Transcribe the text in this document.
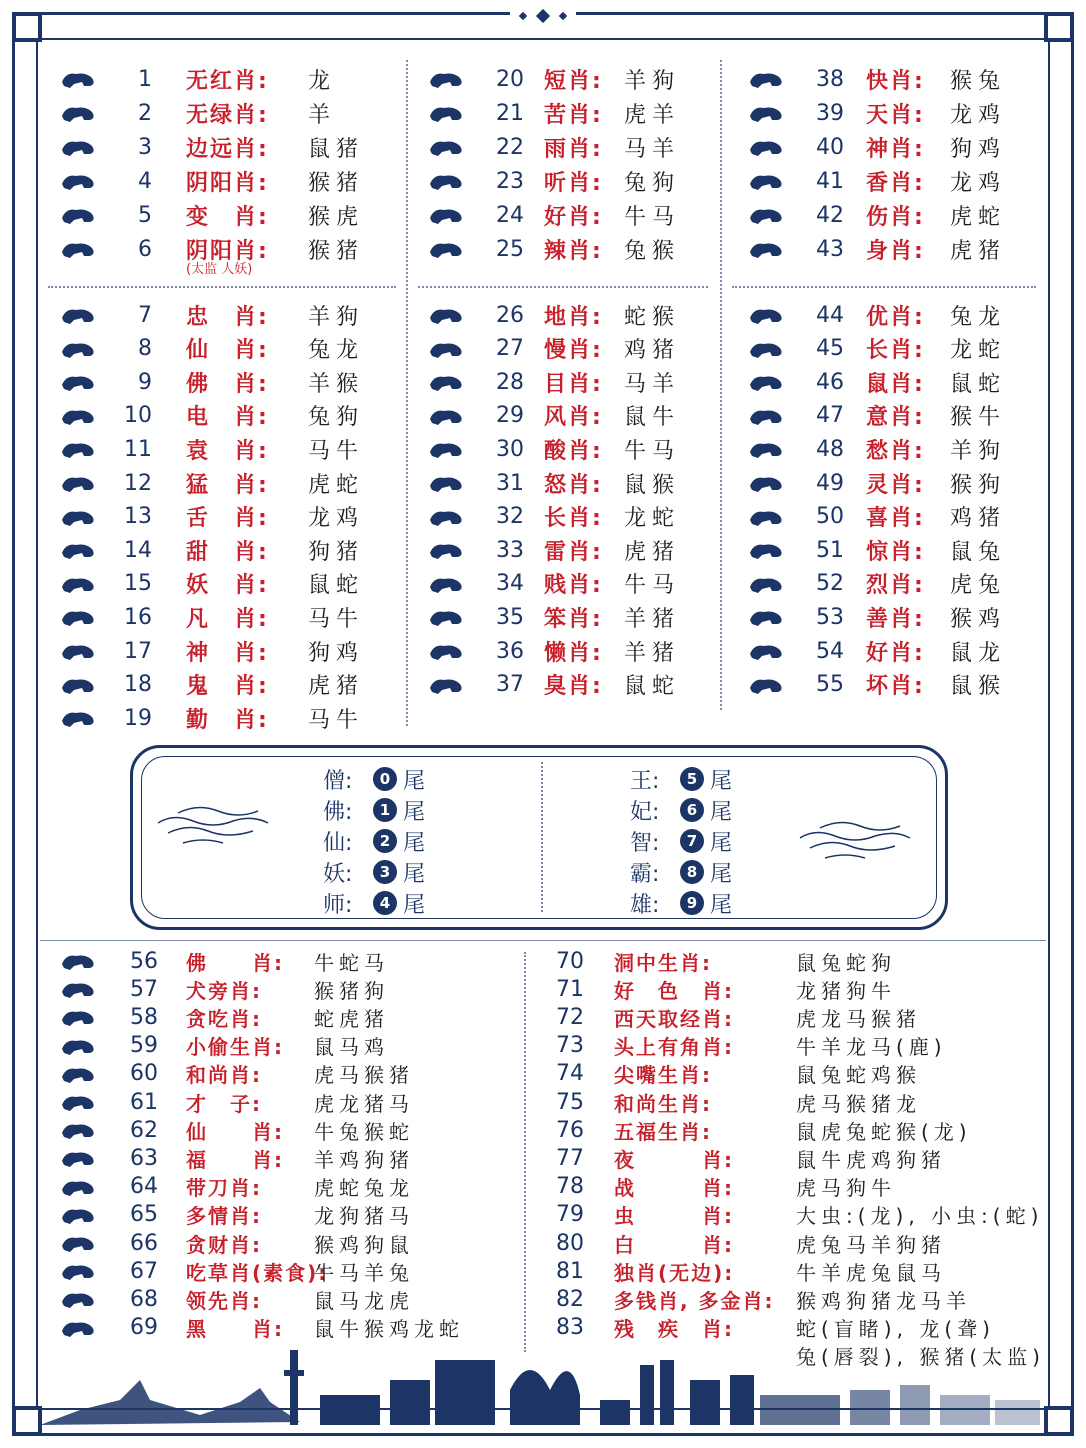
1 无红肖: 龙
2 无绿肖: 羊
3 边远肖: 鼠猪
4 阴阳肖: 猴猪
5 变　肖: 猴虎
6 阴阳肖: 猴猪
(太监 人妖)
20 短肖: 羊狗
21 苦肖: 虎羊
22 雨肖: 马羊
23 听肖: 兔狗
24 好肖: 牛马
25 辣肖: 兔猴
38 快肖: 猴兔
39 天肖: 龙鸡
40 神肖: 狗鸡
41 香肖: 龙鸡
42 伤肖: 虎蛇
43 身肖: 虎猪
7 忠　肖: 羊狗
8 仙　肖: 兔龙
9 佛　肖: 羊猴
10 电　肖: 兔狗
11 袁　肖: 马牛
12 猛　肖: 虎蛇
13 舌　肖: 龙鸡
14 甜　肖: 狗猪
15 妖　肖: 鼠蛇
16 凡　肖: 马牛
17 神　肖: 狗鸡
18 鬼　肖: 虎猪
19 勤　肖: 马牛
26 地肖: 蛇猴
27 慢肖: 鸡猪
28 目肖: 马羊
29 风肖: 鼠牛
30 酸肖: 牛马
31 怒肖: 鼠猴
32 长肖: 龙蛇
33 雷肖: 虎猪
34 贱肖: 牛马
35 笨肖: 羊猪
36 懒肖: 羊猪
37 臭肖: 鼠蛇
44 优肖: 兔龙
45 长肖: 龙蛇
46 鼠肖: 鼠蛇
47 意肖: 猴牛
48 愁肖: 羊狗
49 灵肖: 猴狗
50 喜肖: 鸡猪
51 惊肖: 鼠兔
52 烈肖: 虎兔
53 善肖: 猴鸡
54 好肖: 鼠龙
55 坏肖: 鼠猴
僧:	0 尾
佛:	1 尾
仙:	2 尾
妖:	3 尾
师:	4 尾
王:	5 尾
妃:	6 尾
智:	7 尾
霸:	8 尾
雄:	9 尾
56 佛　　肖: 牛蛇马
57 犬旁肖:	猴猪狗
58 贪吃肖:	蛇虎猪
59 小偷生肖: 鼠马鸡
60 和尚肖:	虎马猴猪
61 才　子:	虎龙猪马
62 仙　　肖: 牛兔猴蛇
63 福　　肖: 羊鸡狗猪
64 带刀肖:	虎蛇兔龙
65 多情肖:	龙狗猪马
66 贪财肖:	猴鸡狗鼠
67 吃草肖(素食):
牛马羊兔
68 领先肖:	鼠马龙虎
69 黑　　肖: 鼠牛猴鸡龙蛇
70 洞中生肖:	鼠兔蛇狗
71 好　色　肖:	龙猪狗牛
72 西天取经肖:	虎龙马猴猪
73 头上有角肖:	牛羊龙马(鹿)
74 尖嘴生肖:	鼠兔蛇鸡猴
75 和尚生肖:	虎马猴猪龙
76 五福生肖:	鼠虎兔蛇猴(龙)
77 夜　　　肖:	鼠牛虎鸡狗猪
78 战　　　肖:	虎马狗牛
79 虫　　　肖:	大虫:(龙), 小虫:(蛇)
80 白　　　肖:	虎兔马羊狗猪
81 独肖(无边):	牛羊虎兔鼠马
82 多钱肖, 多金肖: 猴鸡狗猪龙马羊
83 残　疾　肖:	蛇(盲睹), 龙(聋)
兔(唇裂), 猴猪(太监)
